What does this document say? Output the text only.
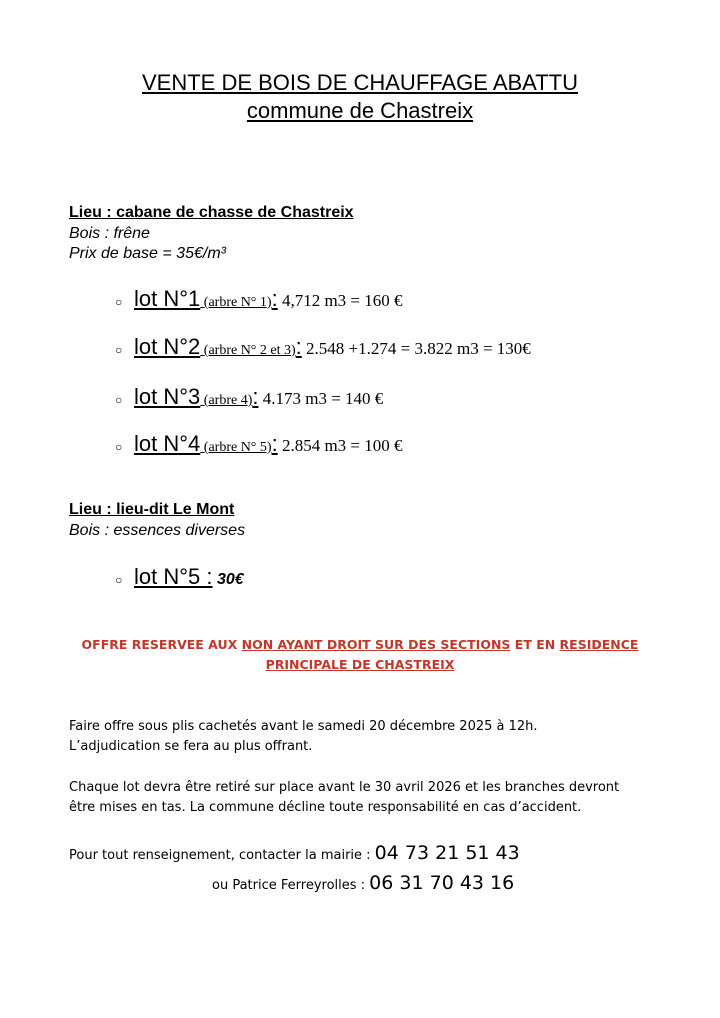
VENTE DE BOIS DE CHAUFFAGE ABATTU
commune de Chastreix
Lieu : cabane de chasse de Chastreix
Bois : frêne
Prix de base = 35€/m³
○ lot N°1 (arbre N° 1): 4,712 m3 = 160 €
○ lot N°2 (arbre N° 2 et 3): 2.548 +1.274 = 3.822 m3 = 130€
○ lot N°3 (arbre 4): 4.173 m3 = 140 €
○ lot N°4 (arbre N° 5): 2.854 m3 = 100 €
Lieu : lieu-dit Le Mont
Bois : essences diverses
○ lot N°5 : 30€
OFFRE RESERVEE AUX NON AYANT DROIT SUR DES SECTIONS ET EN RESIDENCE
PRINCIPALE DE CHASTREIX
Faire offre sous plis cachetés avant le samedi 20 décembre 2025 à 12h.
L’adjudication se fera au plus offrant.
Chaque lot devra être retiré sur place avant le 30 avril 2026 et les branches devront
être mises en tas. La commune décline toute responsabilité en cas d’accident.
Pour tout renseignement, contacter la mairie : 04 73 21 51 43
ou Patrice Ferreyrolles : 06 31 70 43 16
